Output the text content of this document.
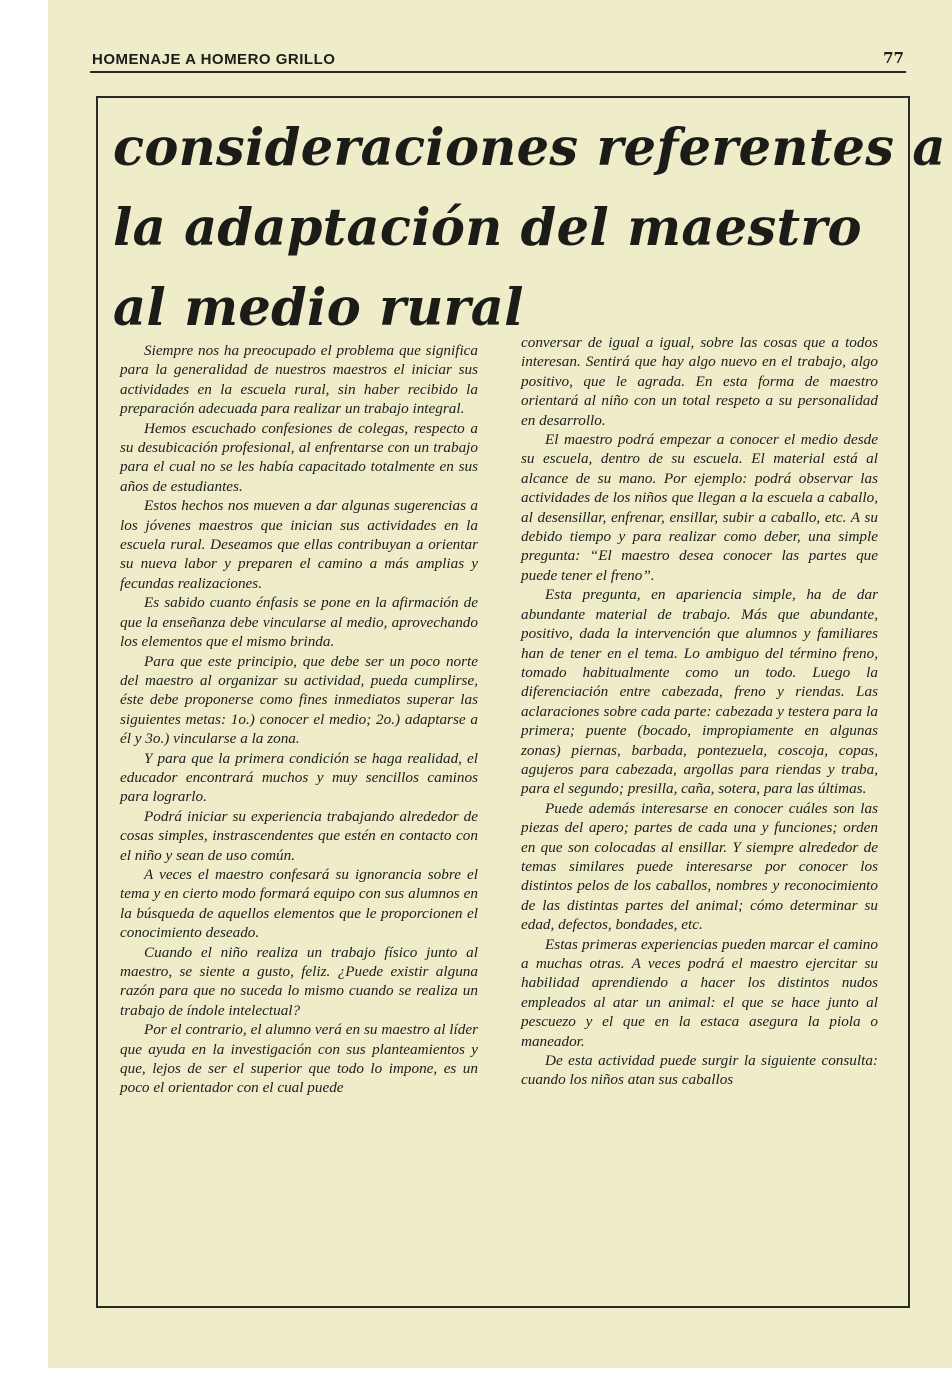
HOMENAJE A HOMERO GRILLO	77
consideraciones referentes a
la adaptación del maestro
al medio rural

Siempre nos ha preocupado el problema que significa para la generalidad de nuestros maestros el iniciar sus actividades en la escuela rural, sin haber recibido la preparación adecuada para realizar un trabajo integral.

Hemos escuchado confesiones de colegas, respecto a su desubicación profesional, al enfrentarse con un trabajo para el cual no se les había capacitado totalmente en sus años de estudiantes.

Estos hechos nos mueven a dar algunas sugerencias a los jóvenes maestros que inician sus actividades en la escuela rural. Deseamos que ellas contribuyan a orientar su nueva labor y preparen el camino a más amplias y fecundas realizaciones.

Es sabido cuanto énfasis se pone en la afirmación de que la enseñanza debe vincularse al medio, aprovechando los elementos que el mismo brinda.

Para que este principio, que debe ser un poco norte del maestro al organizar su actividad, pueda cumplirse, éste debe proponerse como fines inmediatos superar las siguientes metas: 1o.) conocer el medio; 2o.) adaptarse a él y 3o.) vincularse a la zona.

Y para que la primera condición se haga realidad, el educador encontrará muchos y muy sencillos caminos para lograrlo.

Podrá iniciar su experiencia trabajando alrededor de cosas simples, instrascendentes que estén en contacto con el niño y sean de uso común.

A veces el maestro confesará su ignorancia sobre el tema y en cierto modo formará equipo con sus alumnos en la búsqueda de aquellos elementos que le proporcionen el conocimiento deseado.

Cuando el niño realiza un trabajo físico junto al maestro, se siente a gusto, feliz. ¿Puede existir alguna razón para que no suceda lo mismo cuando se realiza un trabajo de índole intelectual?

Por el contrario, el alumno verá en su maestro al líder que ayuda en la investigación con sus planteamientos y que, lejos de ser el superior que todo lo impone, es un poco el orientador con el cual puede

conversar de igual a igual, sobre las cosas que a todos interesan. Sentirá que hay algo nuevo en el trabajo, algo positivo, que le agrada. En esta forma de maestro orientará al niño con un total respeto a su personalidad en desarrollo.

El maestro podrá empezar a conocer el medio desde su escuela, dentro de su escuela. El material está al alcance de su mano. Por ejemplo: podrá observar las actividades de los niños que llegan a la escuela a caballo, al desensillar, enfrenar, ensillar, subir a caballo, etc. A su debido tiempo y para realizar como deber, una simple pregunta: “El maestro desea conocer las partes que puede tener el freno”.

Esta pregunta, en apariencia simple, ha de dar abundante material de trabajo. Más que abundante, positivo, dada la intervención que alumnos y familiares han de tener en el tema. Lo ambiguo del término freno, tomado habitualmente como un todo. Luego la diferenciación entre cabezada, freno y riendas. Las aclaraciones sobre cada parte: cabezada y testera para la primera; puente (bocado, impropiamente en algunas zonas) piernas, barbada, pontezuela, coscoja, copas, agujeros para cabezada, argollas para riendas y traba, para el segundo; presilla, caña, sotera, para las últimas.

Puede además interesarse en conocer cuáles son las piezas del apero; partes de cada una y funciones; orden en que son colocadas al ensillar. Y siempre alrededor de temas similares puede interesarse por conocer los distintos pelos de los caballos, nombres y reconocimiento de las distintas partes del animal; cómo determinar su edad, defectos, bondades, etc.

Estas primeras experiencias pueden marcar el camino a muchas otras. A veces podrá el maestro ejercitar su habilidad aprendiendo a hacer los distintos nudos empleados al atar un animal: el que se hace junto al pescuezo y el que en la estaca asegura la piola o maneador.

De esta actividad puede surgir la siguiente consulta: cuando los niños atan sus caballos
